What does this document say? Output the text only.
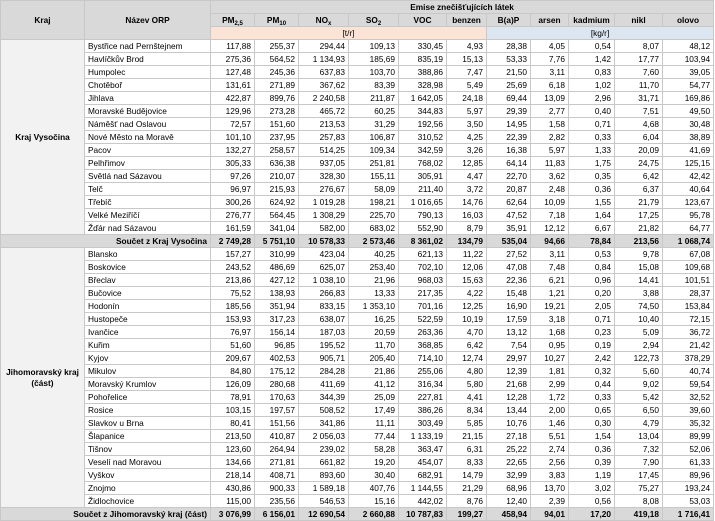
Kraj	Název ORP	Emise znečišťujících látek										
		$PM_{2,5}$	$PM_{10}$	$NO_x$	$SO_2$	VOC	benzen	B(a)P	arsen	kadmium	nikl	olovo
		[t/r]						[kg/r]				
Kraj Vysočina	Bystřice nad Pernštejnem	117,88	255,37	294,44	109,13	330,45	4,93	28,38	4,05	0,54	8,07	48,12
	Havlíčkův Brod	275,36	564,52	1 134,93	185,69	835,19	15,13	53,33	7,76	1,42	17,77	103,94
	Humpolec	127,48	245,36	637,83	103,70	388,86	7,47	21,50	3,11	0,83	7,60	39,05
	Chotěboř	131,61	271,89	367,62	83,39	328,98	5,49	25,69	6,18	1,02	11,70	54,77
	Jihlava	422,87	899,76	2 240,58	211,87	1 642,05	24,18	69,44	13,09	2,96	31,71	169,86
	Moravské Budějovice	129,96	273,28	465,72	60,25	344,83	5,97	29,39	2,77	0,40	7,51	49,50
	Náměšť nad Oslavou	72,57	151,60	213,53	31,29	192,56	3,50	14,95	1,58	0,71	4,68	30,48
	Nové Město na Moravě	101,10	237,95	257,83	106,87	310,52	4,25	22,39	2,82	0,33	6,04	38,89
	Pacov	132,27	258,57	514,25	109,34	342,59	3,26	16,38	5,97	1,33	20,09	41,69
	Pelhřimov	305,33	636,38	937,05	251,81	768,02	12,85	64,14	11,83	1,75	24,75	125,15
	Světlá nad Sázavou	97,26	210,07	328,30	155,11	305,91	4,47	22,70	3,62	0,35	6,42	42,42
	Telč	96,97	215,93	276,67	58,09	211,40	3,72	20,87	2,48	0,36	6,37	40,64
	Třebíč	300,26	624,92	1 019,28	198,21	1 016,65	14,76	62,64	10,09	1,55	21,79	123,67
	Velké Meziříčí	276,77	564,45	1 308,29	225,70	790,13	16,03	47,52	7,18	1,64	17,25	95,78
	Žďár nad Sázavou	161,59	341,04	582,00	683,02	552,90	8,79	35,91	12,12	6,67	21,82	64,77
Součet z Kraj Vysočina		2 749,28	5 751,10	10 578,33	2 573,46	8 361,02	134,79	535,04	94,66	78,84	213,56	1 068,74
Jihomoravský kraj (část)	Blansko	157,27	310,99	423,04	40,25	621,13	11,22	27,52	3,11	0,53	9,78	67,08
	Boskovice	243,52	486,69	625,07	253,40	702,10	12,06	47,08	7,48	0,84	15,08	109,68
	Břeclav	213,86	427,12	1 038,10	21,96	968,03	15,63	22,36	6,21	0,96	14,41	101,51
	Bučovice	75,52	138,93	266,83	13,33	217,35	4,22	15,48	1,21	0,20	3,88	28,37
	Hodonín	185,56	351,94	833,15	1 353,10	701,16	12,25	16,90	19,21	2,05	74,50	153,84
	Hustopeče	153,93	317,23	638,07	16,25	522,59	10,19	17,59	3,18	0,71	10,40	72,15
	Ivančice	76,97	156,14	187,03	20,59	263,36	4,70	13,12	1,68	0,23	5,09	36,72
	Kuřim	51,60	96,85	195,52	11,70	368,85	6,42	7,54	0,95	0,19	2,94	21,42
	Kyjov	209,67	402,53	905,71	205,40	714,10	12,74	29,97	10,27	2,42	122,73	378,29
	Mikulov	84,80	175,12	284,28	21,86	255,06	4,80	12,39	1,81	0,32	5,60	40,74
	Moravský Krumlov	126,09	280,68	411,69	41,12	316,34	5,80	21,68	2,99	0,44	9,02	59,54
	Pohořelice	78,91	170,63	344,39	25,09	227,81	4,41	12,28	1,72	0,33	5,42	32,52
	Rosice	103,15	197,57	508,52	17,49	386,26	8,34	13,44	2,00	0,65	6,50	39,60
	Slavkov u Brna	80,41	151,56	341,86	11,11	303,49	5,85	10,76	1,46	0,30	4,79	35,32
	Šlapanice	213,50	410,87	2 056,03	77,44	1 133,19	21,15	27,18	5,51	1,54	13,04	89,99
	Tišnov	123,60	264,94	239,02	58,28	363,47	6,31	25,22	2,74	0,36	7,32	52,06
	Veselí nad Moravou	134,66	271,81	661,82	19,20	454,07	8,33	22,65	2,56	0,39	7,90	61,33
	Vyškov	218,14	408,71	893,60	30,40	682,91	14,79	32,99	3,83	1,19	17,45	89,96
	Znojmo	430,86	900,33	1 589,18	407,76	1 144,55	21,29	68,96	13,70	3,02	75,27	193,24
	Židlochovice	115,00	235,56	546,53	15,16	442,02	8,76	12,40	2,39	0,56	8,08	53,03
Součet z Jihomoravský kraj (část)		3 076,99	6 156,01	12 690,54	2 660,88	10 787,83	199,27	458,94	94,01	17,20	419,18	1 716,41
